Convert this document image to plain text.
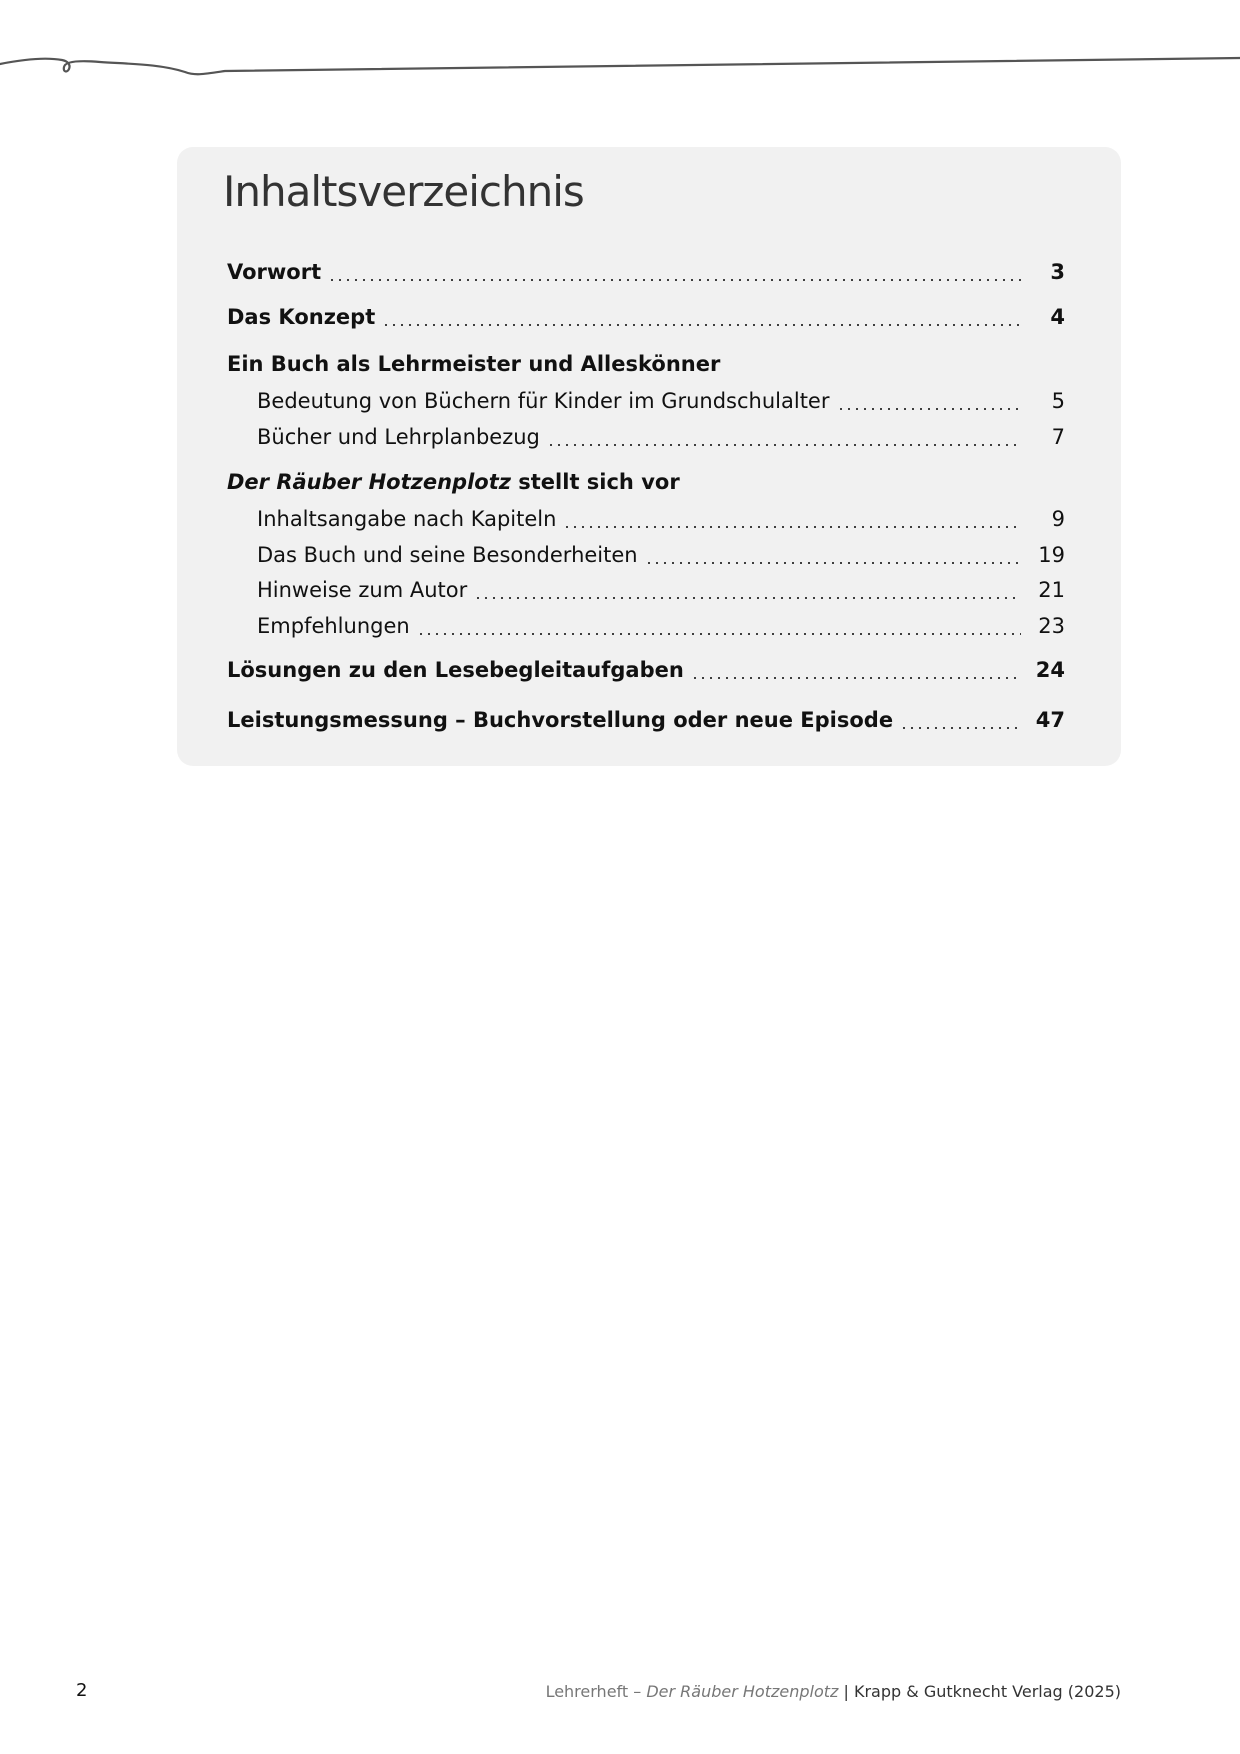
Inhaltsverzeichnis
Vorwort	3
Das Konzept	4
Ein Buch als Lehrmeister und Alleskönner
Bedeutung von Büchern für Kinder im Grundschulalter	5
Bücher und Lehrplanbezug	7
Der Räuber Hotzenplotz stellt sich vor
Inhaltsangabe nach Kapiteln	9
Das Buch und seine Besonderheiten	19
Hinweise zum Autor	21
Empfehlungen	23
Lösungen zu den Lesebegleitaufgaben	24
Leistungsmessung – Buchvorstellung oder neue Episode	47
2	Lehrerheft – Der Räuber Hotzenplotz | Krapp & Gutknecht Verlag (2025)
